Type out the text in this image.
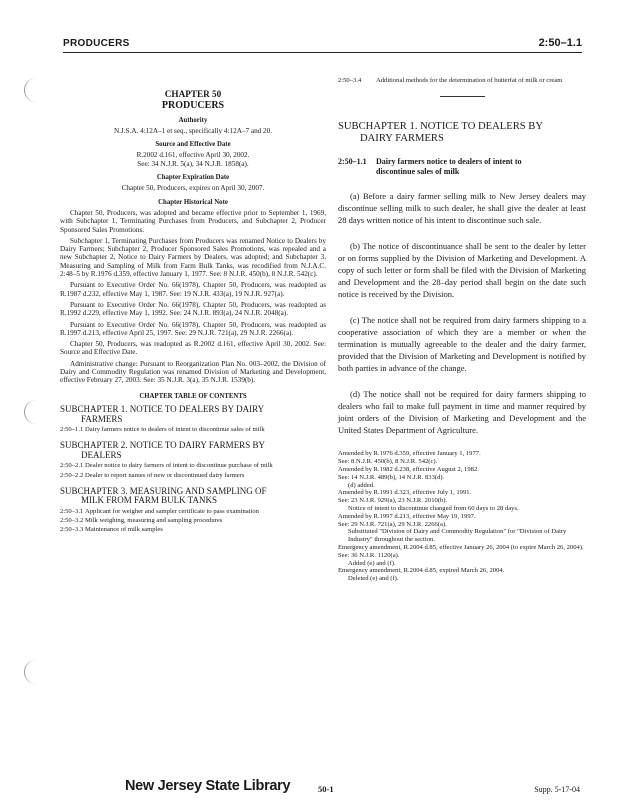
PRODUCERS	2:50–1.1
CHAPTER 50
PRODUCERS
Authority
N.J.S.A. 4:12A–1 et seq., specifically 4:12A–7 and 20.
Source and Effective Date
R.2002 d.161, effective April 30, 2002.
See: 34 N.J.R. 5(a), 34 N.J.R. 1858(a).
Chapter Expiration Date
Chapter 50, Producers, expires on April 30, 2007.
Chapter Historical Note
Chapter 50, Producers, was adopted and became effective prior to September 1, 1969, with Subchapter 1, Terminating Purchases from Producers, and Subchapter 2, Producer Sponsored Sales Promotions.
Subchapter 1, Terminating Purchases from Producers was renamed Notice to Dealers by Dairy Farmers; Subchapter 2, Producer Sponsored Sales Promotions, was repealed and a new Subchapter 2, Notice to Dairy Farmers by Dealers, was adopted; and Subchapter 3, Measuring and Sampling of Milk from Farm Bulk Tanks, was recodified from N.J.A.C. 2:48–5 by R.1976 d.359, effective January 1, 1977. See: 8 N.J.R. 450(b), 8 N.J.R. 542(c).
Pursuant to Executive Order No. 66(1978), Chapter 50, Producers, was readopted as R.1987 d.232, effective May 1, 1987. See: 19 N.J.R. 433(a), 19 N.J.R. 927(a).
Pursuant to Executive Order No. 66(1978), Chapter 50, Producers, was readopted as R.1992 d.229, effective May 1, 1992. See: 24 N.J.R. 893(a), 24 N.J.R. 2048(a).
Pursuant to Executive Order No. 66(1978), Chapter 50, Producers, was readopted as R.1997 d.213, effective April 25, 1997. See: 29 N.J.R. 721(a), 29 N.J.R. 2266(a).
Chapter 50, Producers, was readopted as R.2002 d.161, effective April 30, 2002. See: Source and Effective Date.
Administrative change: Pursuant to Reorganization Plan No. 003–2002, the Division of Dairy and Commodity Regulation was renamed Division of Marketing and Development, effective February 27, 2003. See: 35 N.J.R. 3(a), 35 N.J.R. 1539(b).
CHAPTER TABLE OF CONTENTS
SUBCHAPTER 1. NOTICE TO DEALERS BY DAIRY
FARMERS
2:50–1.1 Dairy farmers notice to dealers of intent to discontinue sales of milk
SUBCHAPTER 2. NOTICE TO DAIRY FARMERS BY
DEALERS
2:50–2.1 Dealer notice to dairy farmers of intent to discontinue purchase of milk
2:50–2.2 Dealer to report names of new or discontinued dairy farmers
SUBCHAPTER 3. MEASURING AND SAMPLING OF
MILK FROM FARM BULK TANKS
2:50–3.1 Applicant for weigher and sampler certificate to pass examination
2:50–3.2 Milk weighing, measuring and sampling procedures
2:50–3.3 Maintenance of milk samples
2:50–3.4	Additional methods for the determination of butterfat of milk or cream
SUBCHAPTER 1. NOTICE TO DEALERS BY
DAIRY FARMERS
2:50–1.1	Dairy farmers notice to dealers of intent to
discontinue sales of milk

(a) Before a dairy farmer selling milk to New Jersey dealers may discontinue selling milk to such dealer, he shall give the dealer at least 28 days written notice of his intent to discontinue such sale.

(b) The notice of discontinuance shall be sent to the dealer by letter or on forms supplied by the Division of Marketing and Development. A copy of such letter or form shall be filed with the Division of Marketing and Development and the 28–day period shall begin on the date such notice is received by the Division.

(c) The notice shall not be required from dairy farmers shipping to a cooperative association of which they are a member or when the termination is mutually agreeable to the dealer and the dairy farmer, provided that the Division of Marketing and Development is notified by both parties in advance of the change.

(d) The notice shall not be required for dairy farmers shipping to dealers who fail to make full payment in time and manner required by joint orders of the Division of Marketing and Development and the United States Department of Agriculture.

Amended by R.1976 d.359, effective January 1, 1977.
See: 8 N.J.R. 450(b), 8 N.J.R. 542(c).
Amended by R.1982 d.238, effective August 2, 1982.
See: 14 N.J.R. 489(b), 14 N.J.R. 833(d).
(d) added.
Amended by R.1991 d.323, effective July 1, 1991.
See: 23 N.J.R. 929(a), 23 N.J.R. 2010(b).
Notice of intent to discontinue changed from 60 days to 28 days.
Amended by R.1997 d.213, effective May 19, 1997.
See: 29 N.J.R. 721(a), 29 N.J.R. 2266(a).
Substituted "Division of Dairy and Commodity Regulation" for "Division of Dairy Industry" throughout the section.
Emergency amendment, R.2004 d.85, effective January 26, 2004 (to expire March 26, 2004).
See: 36 N.J.R. 1120(a).
Added (e) and (f).
Emergency amendment, R.2004 d.85, expired March 26, 2004.
Deleted (e) and (f).
New Jersey State Library	50-1	Supp. 5-17-04
